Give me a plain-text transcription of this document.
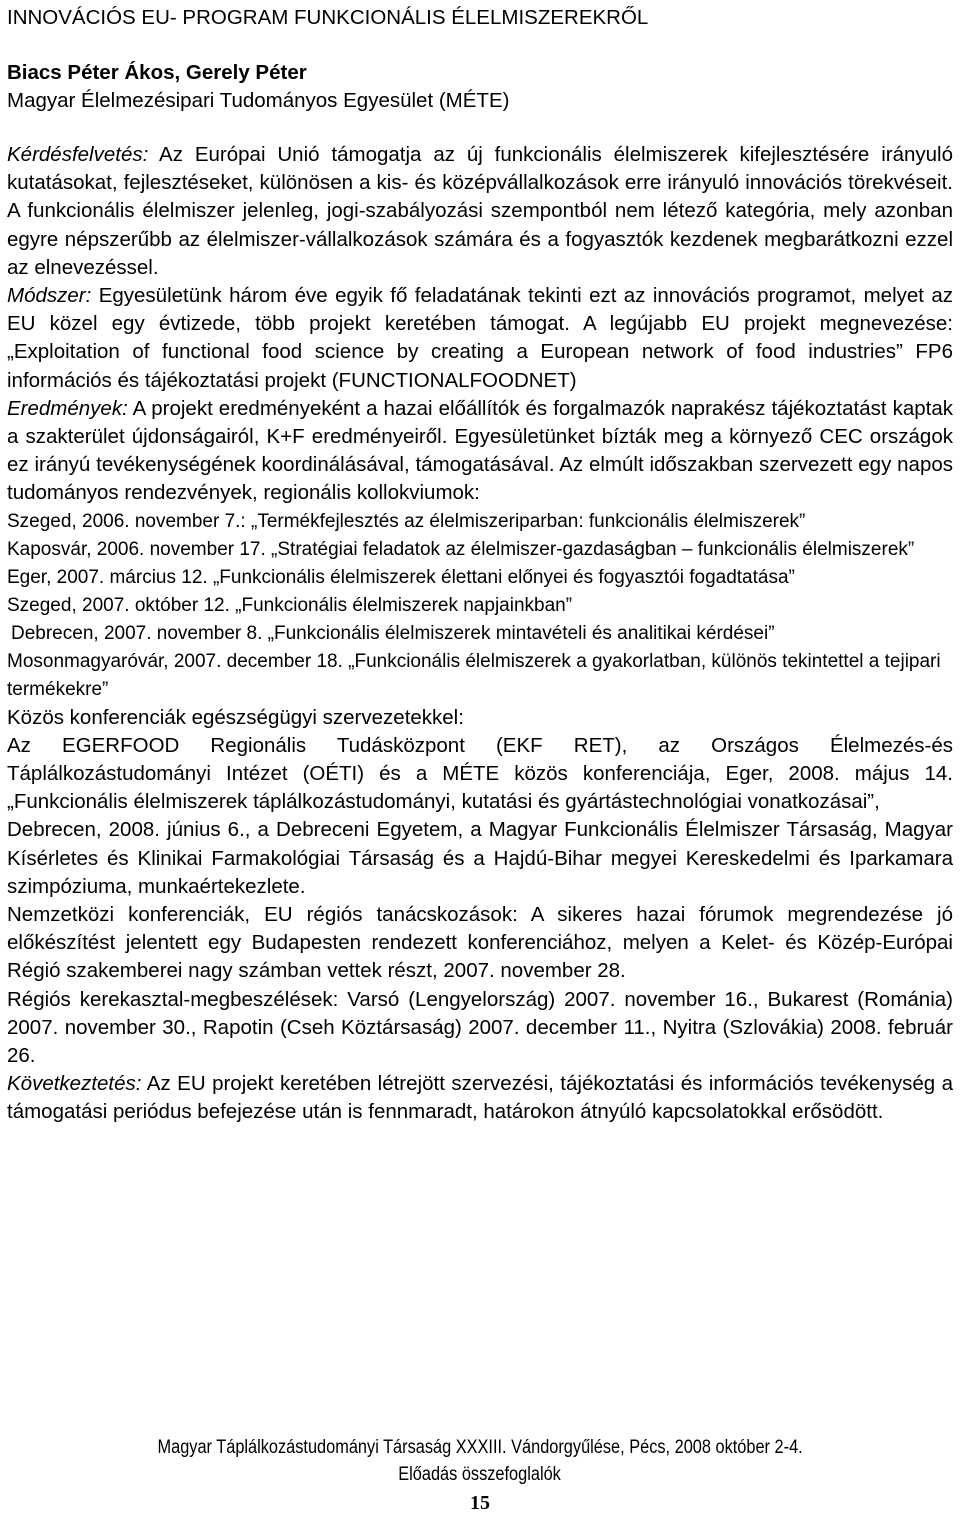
INNOVÁCIÓS EU- PROGRAM FUNKCIONÁLIS ÉLELMISZEREKRŐL

Biacs Péter Ákos, Gerely Péter

Magyar Élelmezésipari Tudományos Egyesület (MÉTE)

Kérdésfelvetés: Az Európai Unió támogatja az új funkcionális élelmiszerek kifejlesztésére irányuló kutatásokat, fejlesztéseket, különösen a kis- és középvállalkozások erre irányuló innovációs törekvéseit. A funkcionális élelmiszer jelenleg, jogi-szabályozási szempontból nem létező kategória, mely azonban egyre népszerűbb az élelmiszer-vállalkozások számára és a fogyasztók kezdenek megbarátkozni ezzel az elnevezéssel.

Módszer: Egyesületünk három éve egyik fő feladatának tekinti ezt az innovációs programot, melyet az EU közel egy évtizede, több projekt keretében támogat. A legújabb EU projekt megnevezése: „Exploitation of functional food science by creating a European network of food industries” FP6 információs és tájékoztatási projekt (FUNCTIONALFOODNET)

Eredmények: A projekt eredményeként a hazai előállítók és forgalmazók naprakész tájékoztatást kaptak a szakterület újdonságairól, K+F eredményeiről. Egyesületünket bízták meg a környező CEC országok ez irányú tevékenységének koordinálásával, támogatásával. Az elmúlt időszakban szervezett egy napos tudományos rendezvények, regionális kollokviumok:

Szeged, 2006. november 7.: „Termékfejlesztés az élelmiszeriparban: funkcionális élelmiszerek”

Kaposvár, 2006. november 17. „Stratégiai feladatok az élelmiszer-gazdaságban – funkcionális élelmiszerek”

Eger, 2007. március 12. „Funkcionális élelmiszerek élettani előnyei és fogyasztói fogadtatása”

Szeged, 2007. október 12. „Funkcionális élelmiszerek napjainkban”

Debrecen, 2007. november 8. „Funkcionális élelmiszerek mintavételi és analitikai kérdései”

Mosonmagyaróvár, 2007. december 18. „Funkcionális élelmiszerek a gyakorlatban, különös tekintettel a tejipari termékekre”

Közös konferenciák egészségügyi szervezetekkel:

Az EGERFOOD Regionális Tudásközpont (EKF RET), az Országos Élelmezés-és Táplálkozástudományi Intézet (OÉTI) és a MÉTE közös konferenciája, Eger, 2008. május 14. „Funkcionális élelmiszerek táplálkozástudományi, kutatási és gyártástechnológiai vonatkozásai”,

Debrecen, 2008. június 6., a Debreceni Egyetem, a Magyar Funkcionális Élelmiszer Társaság, Magyar Kísérletes és Klinikai Farmakológiai Társaság és a Hajdú-Bihar megyei Kereskedelmi és Iparkamara szimpóziuma, munkaértekezlete.

Nemzetközi konferenciák, EU régiós tanácskozások: A sikeres hazai fórumok megrendezése jó előkészítést jelentett egy Budapesten rendezett konferenciához, melyen a Kelet- és Közép-Európai Régió szakemberei nagy számban vettek részt, 2007. november 28.

Régiós kerekasztal-megbeszélések: Varsó (Lengyelország) 2007. november 16., Bukarest (Románia) 2007. november 30., Rapotin (Cseh Köztársaság) 2007. december 11., Nyitra (Szlovákia) 2008. február 26.

Következtetés: Az EU projekt keretében létrejött szervezési, tájékoztatási és információs tevékenység a támogatási periódus befejezése után is fennmaradt, határokon átnyúló kapcsolatokkal erősödött.

Magyar Táplálkozástudományi Társaság XXXIII. Vándorgyűlése, Pécs, 2008 október 2-4.
Előadás összefoglalók
15
